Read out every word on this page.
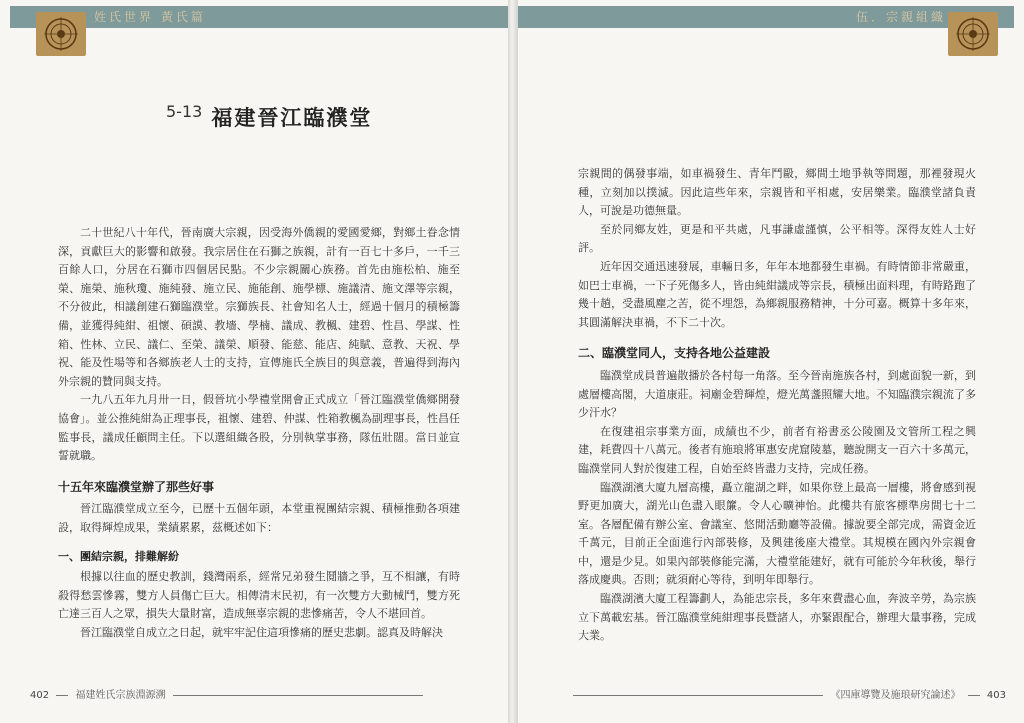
姓氏世界 黃氏篇
5-13 福建晉江臨濮堂

二十世紀八十年代，晉南廣大宗親，因受海外僑親的愛國愛鄉，對鄉土眷念情深，貢獻巨大的影響和啟發。我宗居住在石獅之族親，計有一百七十多戶，一千三百餘人口，分居在石獅市四個居民點。不少宗親關心族務。首先由施松柏、施至榮、施榮、施秋瓊、施純發、施立民、施能創、施學標、施議清、施文澤等宗親，不分彼此，相議創建石獅臨濮堂。宗獅族長、社會知名人士，經過十個月的積極籌備，並獲得純紺、祖懷、碩謨、教墻、學楠、議成、教楓、建碧、性昌、學謀、性箱、性林、立民、議仁、至榮、議榮、順發、能慈、能店、純賦、意教、天祝、學祝、能及性場等和各鄉族老人士的支持，宣傳施氏全族目的與意義，普遍得到海內外宗親的贊同與支持。

一九八五年九月卅一日，假晉坑小學禮堂開會正式成立「晉江臨濮堂僑鄉開發協會」。並公推純紺為正理事長，祖懷、建碧、仲謀、性箱教楓為副理事長，性昌任監事長，議成任顧問主任。下以選組織各股，分別執掌事務，隊伍壯闊。當日並宣誓就職。

十五年來臨濮堂辦了那些好事

晉江臨濮堂成立至今，已歷十五個年頭，本堂重視團結宗親、積極推動各項建設，取得輝煌成果，業績累累，茲概述如下：

一、團結宗親，排難解紛

根據以往血的歷史教訓，錢灣兩系，經常兄弟發生鬩牆之爭，互不相讓，有時殺得愁雲慘霧，雙方人員傷亡巨大。相傳清末民初，有一次雙方大動械鬥，雙方死亡達三百人之眾，損失大量財富，造成無辜宗親的悲慘痛苦，令人不堪回首。

晉江臨濮堂自成立之日起，就牢牢記住這項慘痛的歷史悲劇。認真及時解決

402	福建姓氏宗族淵源溯
伍．宗親組織

宗親間的偶發事端，如車禍發生、青年鬥毆，鄉間土地爭執等問題，那裡發現火種，立刻加以撲滅。因此這些年來，宗親皆和平相處，安居樂業。臨濮堂諸負責人，可說是功德無量。

至於同鄉友姓，更是和平共處，凡事謙虛謹慎，公平相等。深得友姓人士好評。

近年因交通迅速發展，車輛日多，年年本地都發生車禍。有時情節非常嚴重，如巴士車禍，一下子死傷多人，皆由純紺議成等宗長，積極出面料理，有時路跑了幾十趟，受盡風塵之苦，從不埋怨，為鄉親服務精神，十分可嘉。概算十多年來，其圓滿解決車禍，不下二十次。

二、臨濮堂同人，支持各地公益建設

臨濮堂成員普遍散播於各村每一角落。至今晉南施族各村，到處面貌一新，到處層樓高閣，大道康莊。祠廟金碧輝煌，燈光萬盞照耀大地。不知臨濮宗親流了多少汗水？

在復建祖宗事業方面，成績也不少，前者有裕書丞公陵園及文管所工程之興建，耗費四十八萬元。後者有施琅將軍惠安虎窟陵墓，聽說開支一百六十多萬元，臨濮堂同人對於復建工程，自始至終皆盡力支持，完成任務。

臨濮湖濱大廈九層高樓，矗立龍湖之畔，如果你登上最高一層樓，將會感到視野更加廣大，湖光山色盡入眼簾。令人心曠神怡。此樓共有旅客標準房間七十二室。各層配備有辦公室、會議室、悠閒活動廳等設備。據說要全部完成，需資金近千萬元，目前正全面進行內部裝修，及興建後座大禮堂。其規模在國內外宗親會中，還是少見。如果內部裝修能完滿，大禮堂能建好，就有可能於今年秋後，舉行落成慶典。否則；就須耐心等待，到明年即舉行。

臨濮湖濱大廈工程籌劃人，為能忠宗長，多年來費盡心血，奔波辛勞，為宗族立下萬載宏基。晉江臨濮堂純紺理事長暨諸人，亦緊跟配合，辦理大量事務，完成大業。

《四庫導覽及施琅研究論述》	403
